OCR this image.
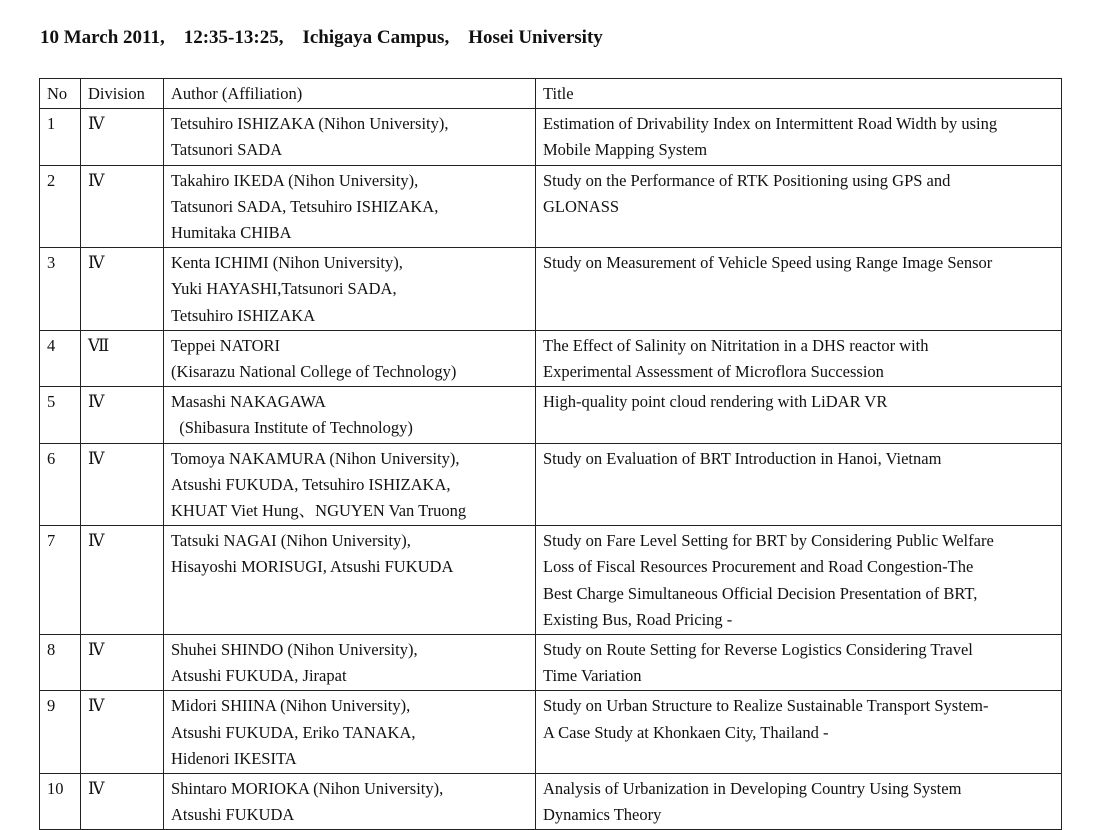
10 March 2011,    12:35-13:25,    Ichigaya Campus,    Hosei University
No	Division	Author (Affiliation)	Title
1	Ⅳ	Tetsuhiro ISHIZAKA (Nihon University),
Tatsunori SADA	Estimation of Drivability Index on Intermittent Road Width by using
Mobile Mapping System

2	Ⅳ	Takahiro IKEDA (Nihon University),
Tatsunori SADA, Tetsuhiro ISHIZAKA,
Humitaka CHIBA	Study on the Performance of RTK Positioning using GPS and
GLONASS

3	Ⅳ	Kenta ICHIMI (Nihon University),
Yuki HAYASHI,Tatsunori SADA,
Tetsuhiro ISHIZAKA	Study on Measurement of Vehicle Speed using Range Image Sensor

4	Ⅶ	Teppei NATORI
(Kisarazu National College of Technology)	The Effect of Salinity on Nitritation in a DHS reactor with
Experimental Assessment of Microflora Succession

5	Ⅳ	Masashi NAKAGAWA
(Shibasura Institute of Technology)	High-quality point cloud rendering with LiDAR VR

6	Ⅳ	Tomoya NAKAMURA (Nihon University),
Atsushi FUKUDA, Tetsuhiro ISHIZAKA,
KHUAT Viet Hung、NGUYEN Van Truong	Study on Evaluation of BRT Introduction in Hanoi, Vietnam

7	Ⅳ	Tatsuki NAGAI (Nihon University),
Hisayoshi MORISUGI, Atsushi FUKUDA	Study on Fare Level Setting for BRT by Considering Public Welfare
Loss of Fiscal Resources Procurement and Road Congestion-The
Best Charge Simultaneous Official Decision Presentation of BRT,
Existing Bus, Road Pricing -

8	Ⅳ	Shuhei SHINDO (Nihon University),
Atsushi FUKUDA, Jirapat	Study on Route Setting for Reverse Logistics Considering Travel
Time Variation

9	Ⅳ	Midori SHIINA (Nihon University),
Atsushi FUKUDA, Eriko TANAKA,
Hidenori IKESITA	Study on Urban Structure to Realize Sustainable Transport System-
A Case Study at Khonkaen City, Thailand -

10	Ⅳ	Shintaro MORIOKA (Nihon University),
Atsushi FUKUDA	Analysis of Urbanization in Developing Country Using System
Dynamics Theory
